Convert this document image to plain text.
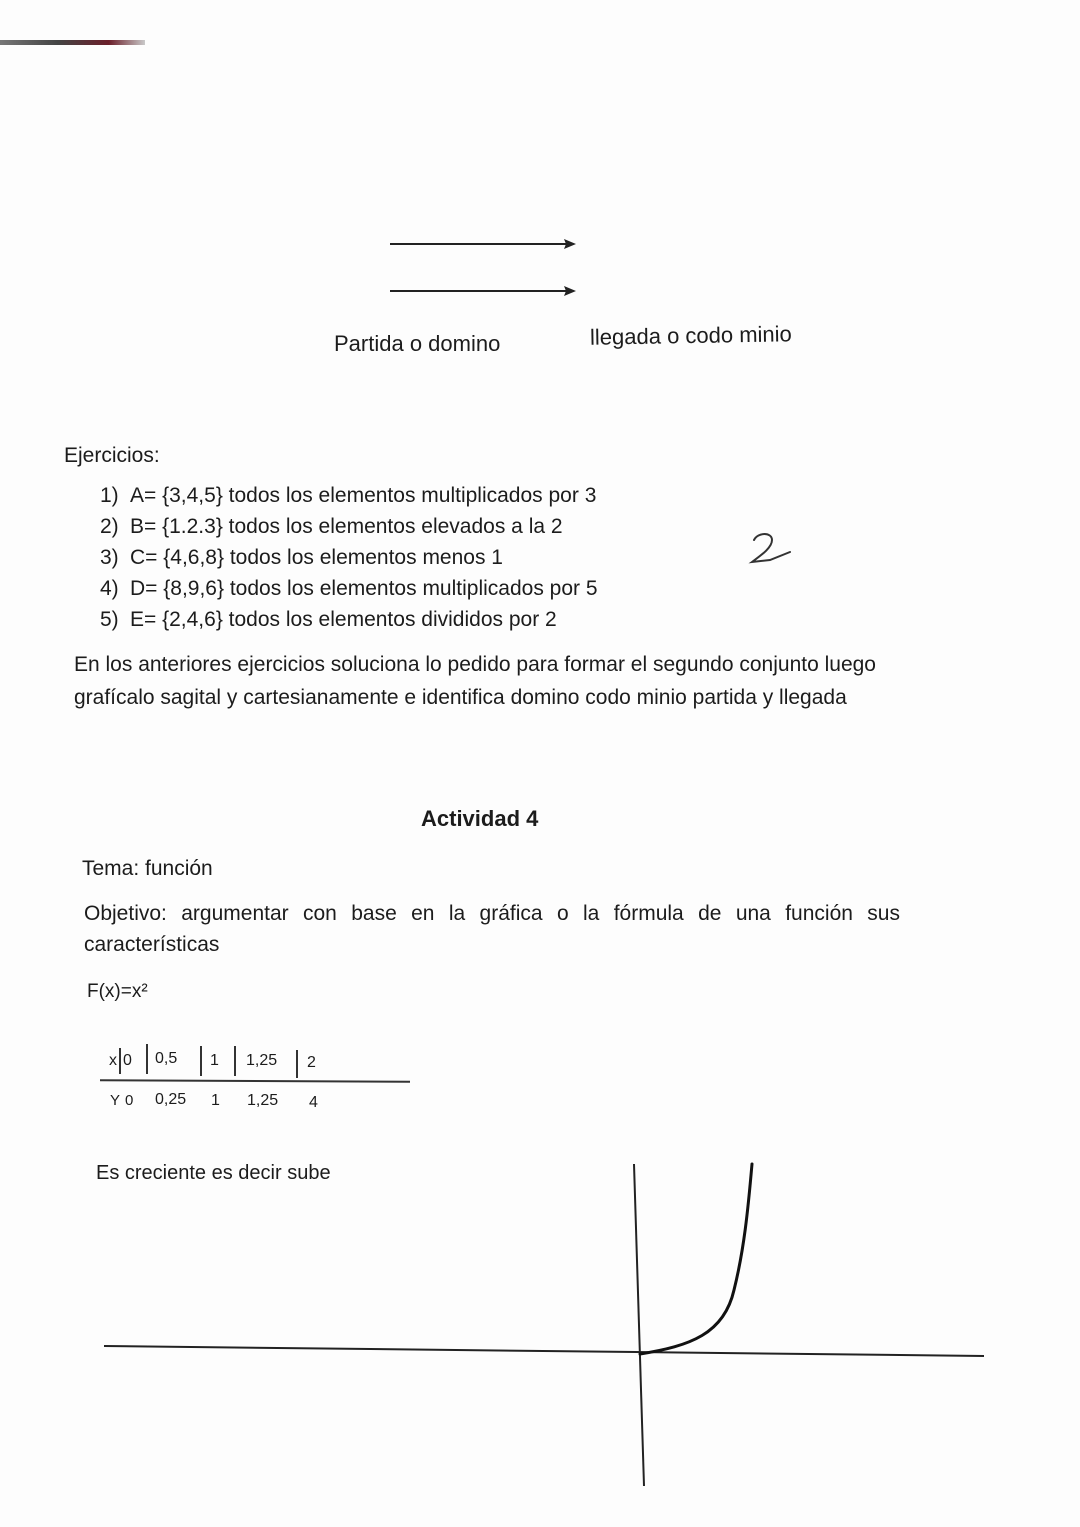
Partida o domino	llegada o codo minio
Ejercicios:
1) A= {3,4,5} todos los elementos multiplicados por 3
2) B= {1.2.3} todos los elementos elevados a la 2
3) C= {4,6,8} todos los elementos menos 1
4) D= {8,9,6} todos los elementos multiplicados por 5
5) E= {2,4,6} todos los elementos divididos por 2
2
En los anteriores ejercicios soluciona lo pedido para formar el segundo conjunto luego grafícalo sagital y cartesianamente e identifica domino codo minio partida y llegada
Actividad 4
Tema: función
Objetivo: argumentar con base en la gráfica o la fórmula de una función sus características
F(x)=x²
x 0 0,5 1 1,25 2
Y 0 0,25 1 1,25 4
Es creciente es decir sube
